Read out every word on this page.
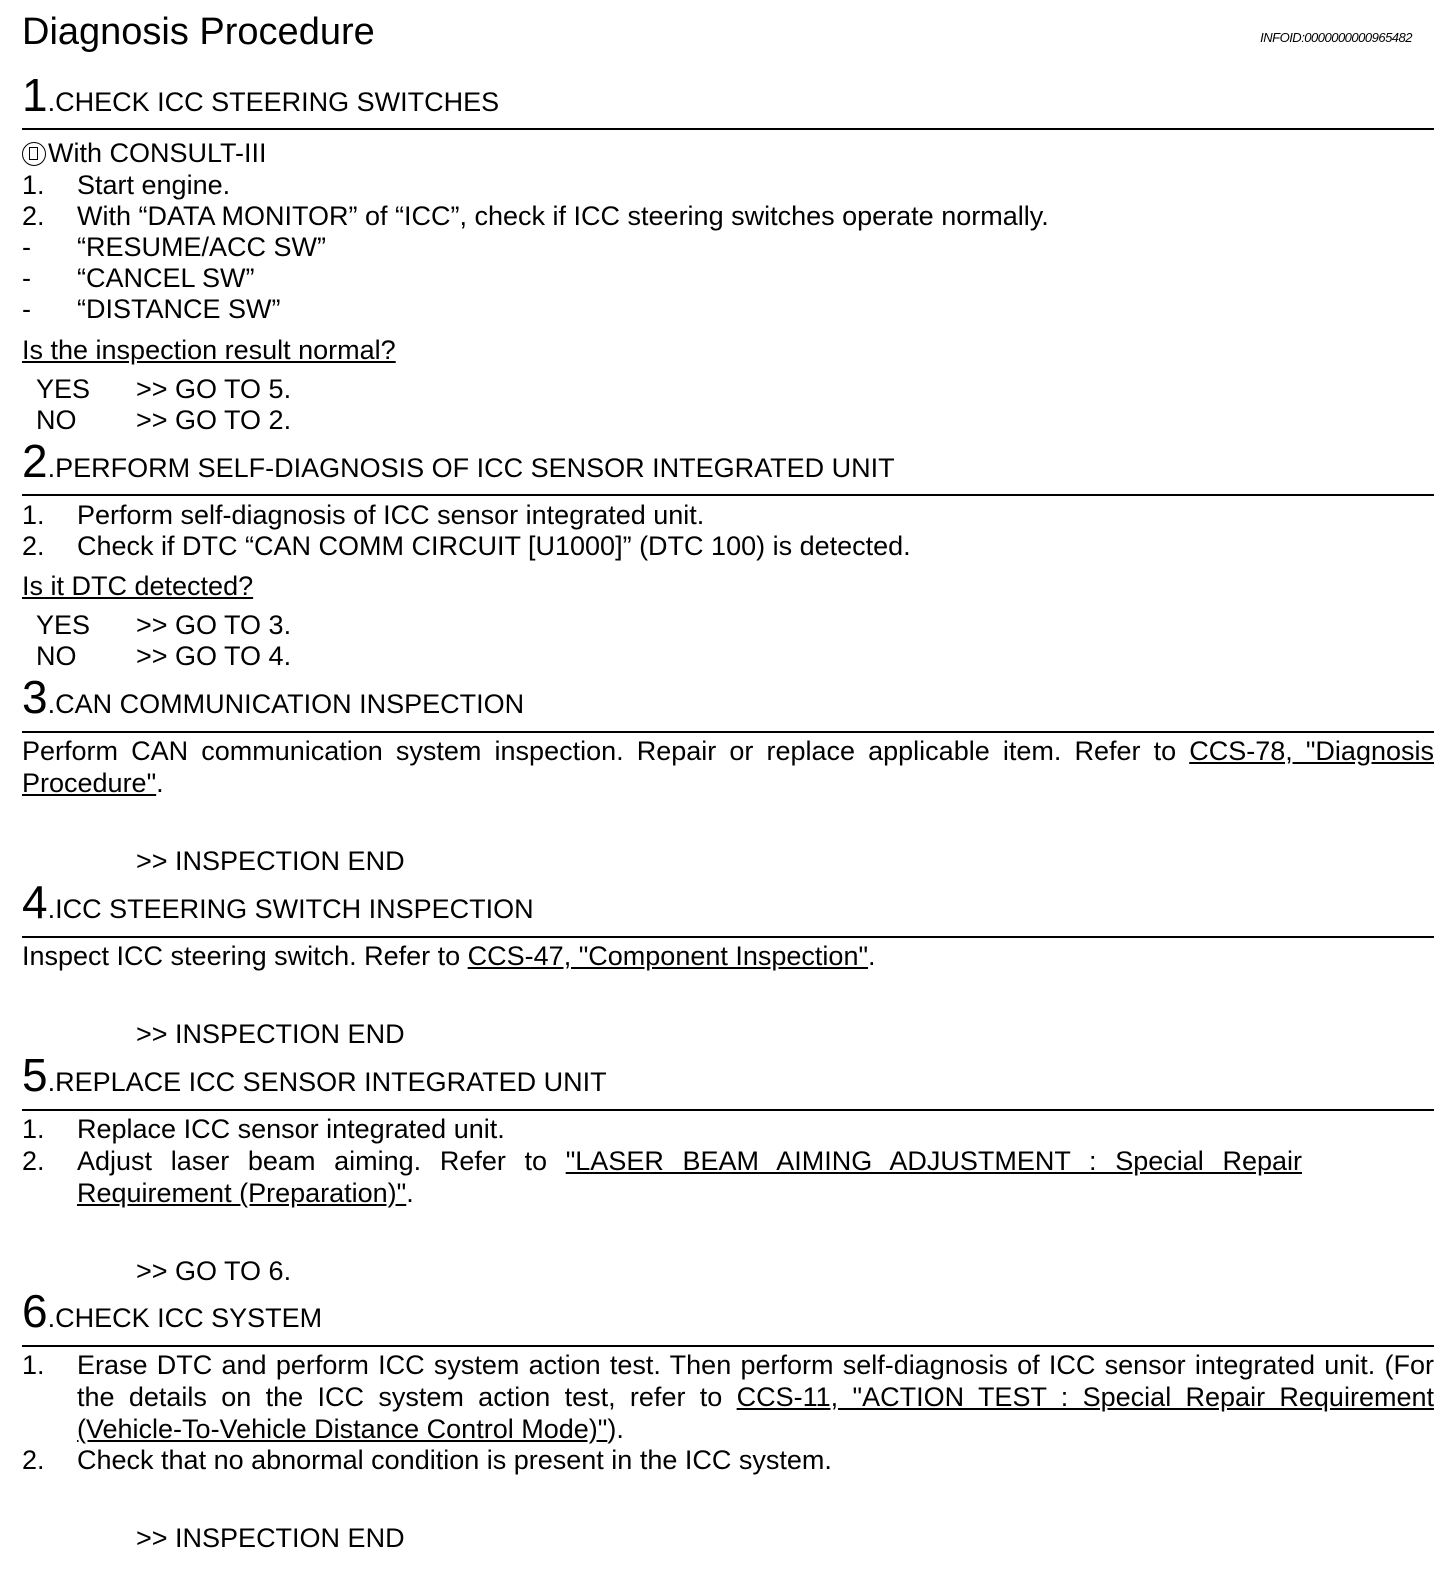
Diagnosis Procedure	INFOID:0000000000965482
1.CHECK ICC STEERING SWITCHES
With CONSULT-III
1. Start engine.
2. With “DATA MONITOR” of “ICC”, check if ICC steering switches operate normally.
- “RESUME/ACC SW”
- “CANCEL SW”
- “DISTANCE SW”
Is the inspection result normal?
YES >> GO TO 5.
NO >> GO TO 2.
2.PERFORM SELF-DIAGNOSIS OF ICC SENSOR INTEGRATED UNIT
1. Perform self-diagnosis of ICC sensor integrated unit.
2. Check if DTC “CAN COMM CIRCUIT [U1000]” (DTC 100) is detected.
Is it DTC detected?
YES >> GO TO 3.
NO >> GO TO 4.
3.CAN COMMUNICATION INSPECTION
Perform CAN communication system inspection. Repair or replace applicable item. Refer to CCS-78, "Diagnosis Procedure".
>> INSPECTION END
4.ICC STEERING SWITCH INSPECTION
Inspect ICC steering switch. Refer to CCS-47, "Component Inspection".
>> INSPECTION END
5.REPLACE ICC SENSOR INTEGRATED UNIT
1. Replace ICC sensor integrated unit.
2. Adjust laser beam aiming. Refer to "LASER BEAM AIMING ADJUSTMENT : Special Repair Requirement (Preparation)".
>> GO TO 6.
6.CHECK ICC SYSTEM
1. Erase DTC and perform ICC system action test. Then perform self-diagnosis of ICC sensor integrated unit. (For the details on the ICC system action test, refer to CCS-11, "ACTION TEST : Special Repair Requirement (Vehicle-To-Vehicle Distance Control Mode)").
2. Check that no abnormal condition is present in the ICC system.
>> INSPECTION END
